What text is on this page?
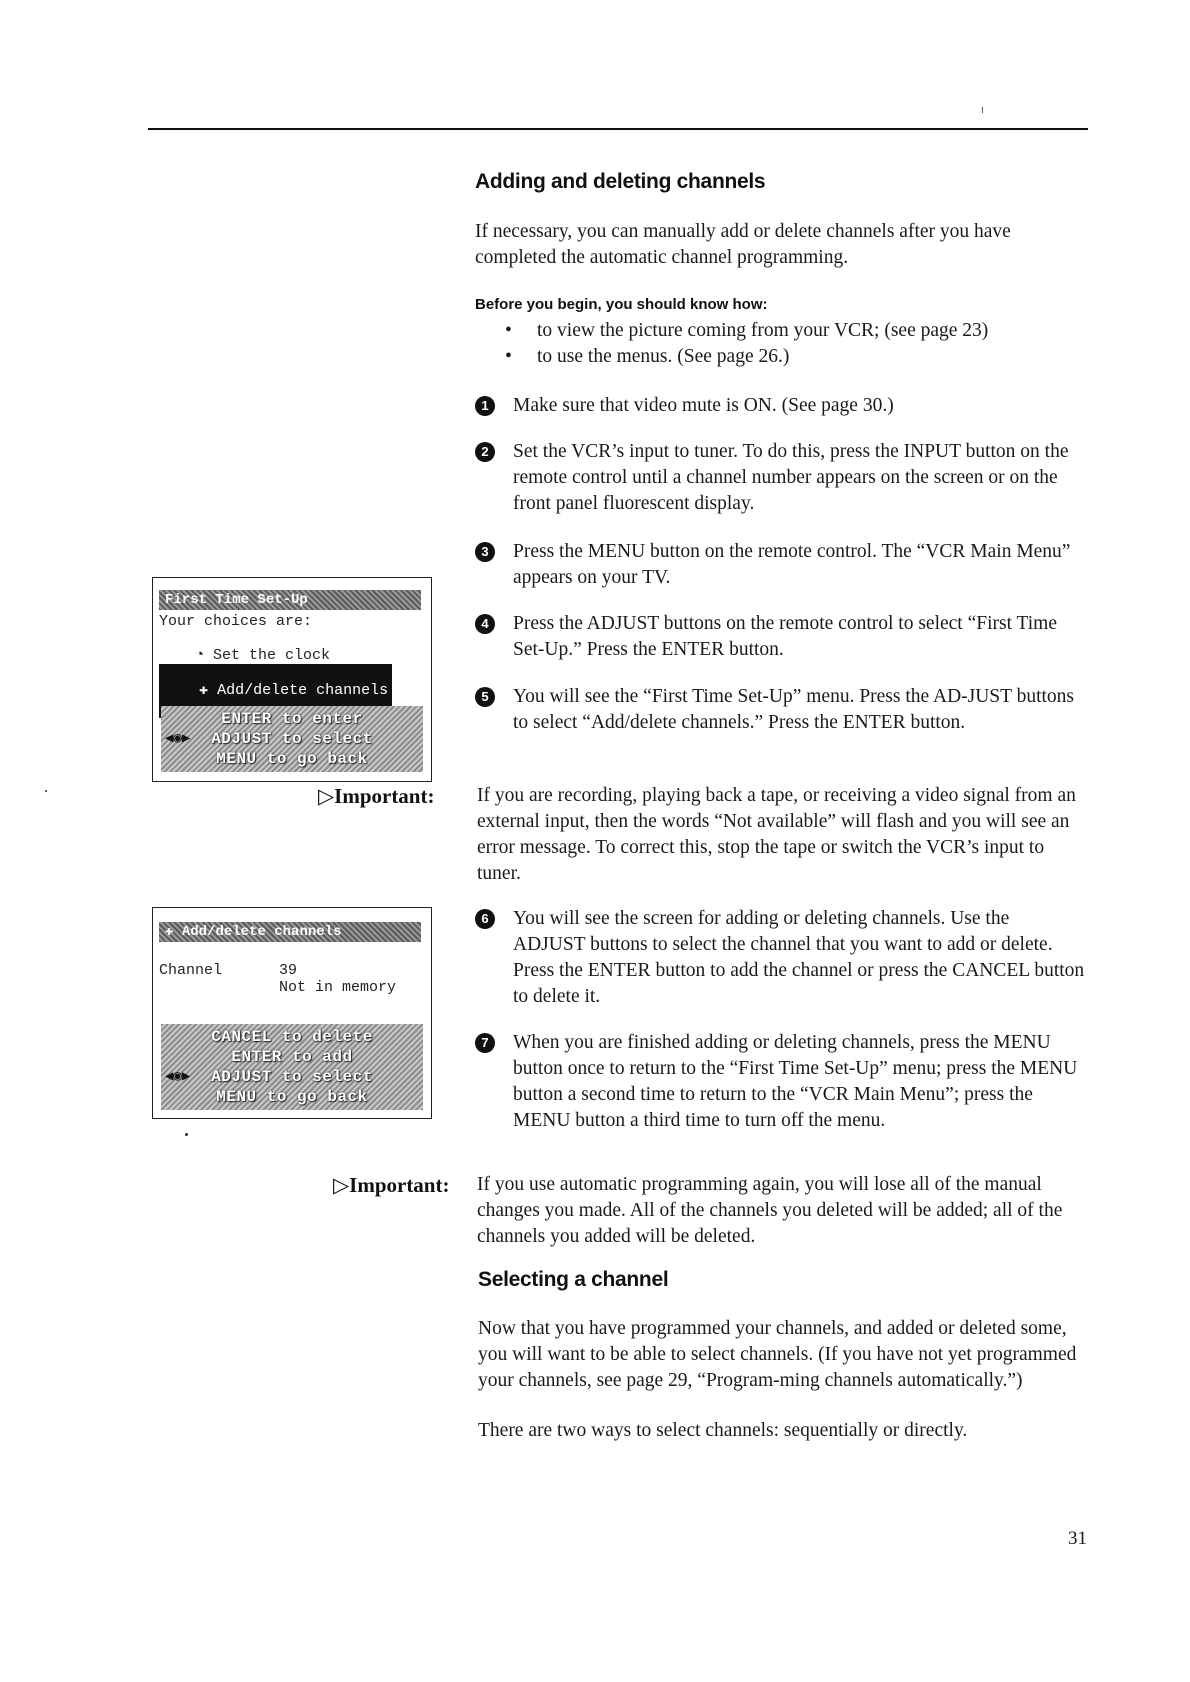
Adding and deleting channels
If necessary, you can manually add or delete channels after you have completed the automatic channel programming.
Before you begin, you should know how:
• to view the picture coming from your VCR; (see page 23)
• to use the menus. (See page 26.)
1	Make sure that video mute is ON. (See page 30.)
2	Set the VCR’s input to tuner. To do this, press the INPUT button on the remote control until a channel number appears on the screen or on the front panel fluorescent display.
3	Press the MENU button on the remote control. The “VCR Main Menu” appears on your TV.
4	Press the ADJUST buttons on the remote control to select “First Time Set-Up.” Press the ENTER button.
5	You will see the “First Time Set-Up” menu. Press the AD-JUST buttons to select “Add/delete channels.” Press the ENTER button.
▷Important: If you are recording, playing back a tape, or receiving a video signal from an external input, then the words “Not available” will flash and you will see an error message. To correct this, stop the tape or switch the VCR’s input to tuner.
6	You will see the screen for adding or deleting channels. Use the ADJUST buttons to select the channel that you want to add or delete. Press the ENTER button to add the channel or press the CANCEL button to delete it.
7	When you are finished adding or deleting channels, press the MENU button once to return to the “First Time Set-Up” menu; press the MENU button a second time to return to the “VCR Main Menu”; press the MENU button a third time to turn off the menu.
▷Important: If you use automatic programming again, you will lose all of the manual changes you made. All of the channels you deleted will be added; all of the channels you added will be deleted.
Selecting a channel
Now that you have programmed your channels, and added or deleted some, you will want to be able to select channels. (If you have not yet programmed your channels, see page 29, “Program-ming channels automatically.”)
There are two ways to select channels: sequentially or directly.
First Time Set-Up
Your choices are:

◔ Set the clock

✚ Add/delete channels

◀◉▶
ENTER to enter
ADJUST to select
MENU to go back
✚ Add/delete channels
Channel	39
Not in memory
◀◉▶
CANCEL to delete
ENTER to add
ADJUST to select
MENU to go back
31
